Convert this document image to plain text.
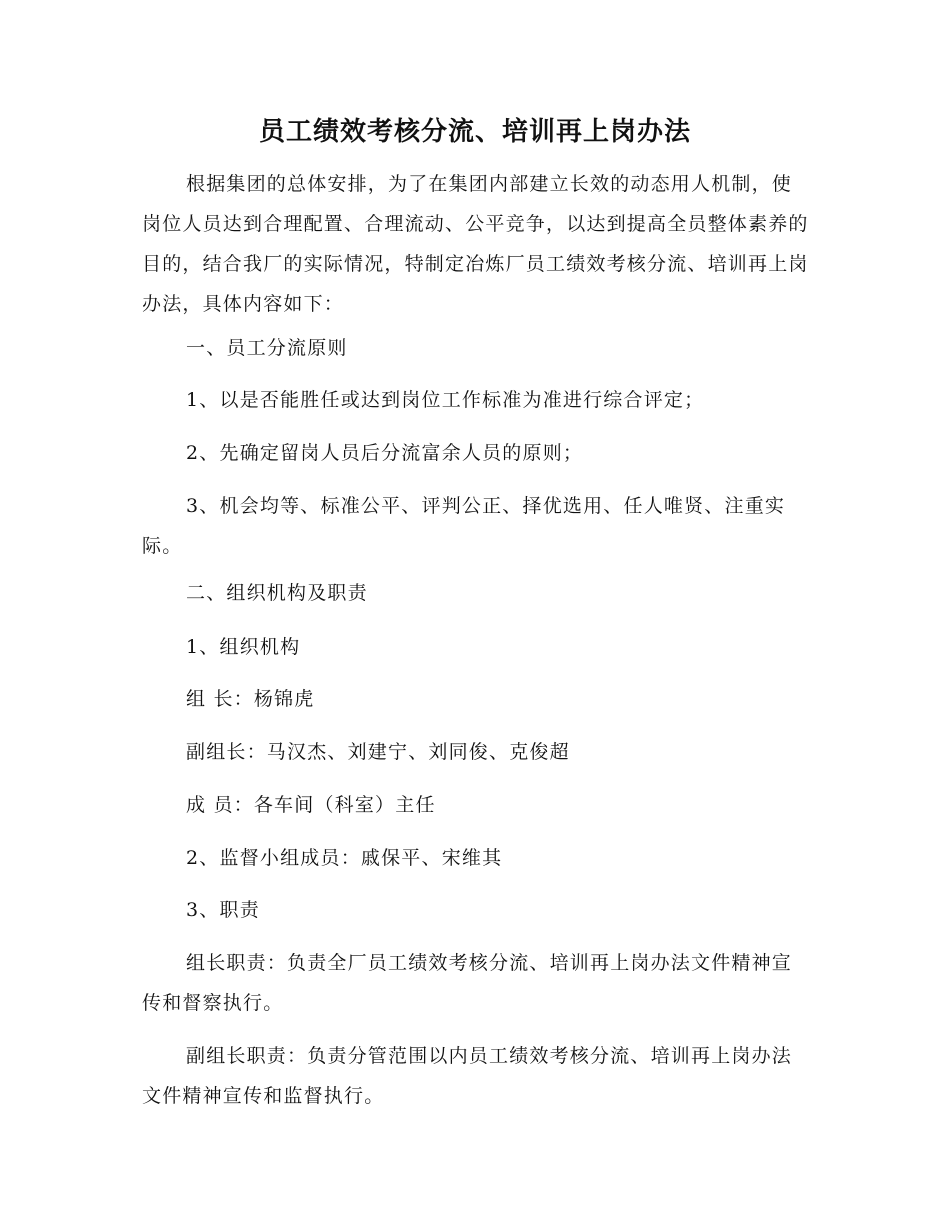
员工绩效考核分流、培训再上岗办法
根据集团的总体安排，为了在集团内部建立长效的动态用人机制，使岗位人员达到合理配置、合理流动、公平竞争，以达到提高全员整体素养的目的，结合我厂的实际情况，特制定冶炼厂员工绩效考核分流、培训再上岗办法，具体内容如下：
一、员工分流原则
1、以是否能胜任或达到岗位工作标准为准进行综合评定；
2、先确定留岗人员后分流富余人员的原则；
3、机会均等、标准公平、评判公正、择优选用、任人唯贤、注重实际。
二、组织机构及职责
1、组织机构
组 长：杨锦虎
副组长：马汉杰、刘建宁、刘同俊、克俊超
成 员：各车间（科室）主任
2、监督小组成员：戚保平、宋维其
3、职责
组长职责：负责全厂员工绩效考核分流、培训再上岗办法文件精神宣传和督察执行。
副组长职责：负责分管范围以内员工绩效考核分流、培训再上岗办法文件精神宣传和监督执行。
